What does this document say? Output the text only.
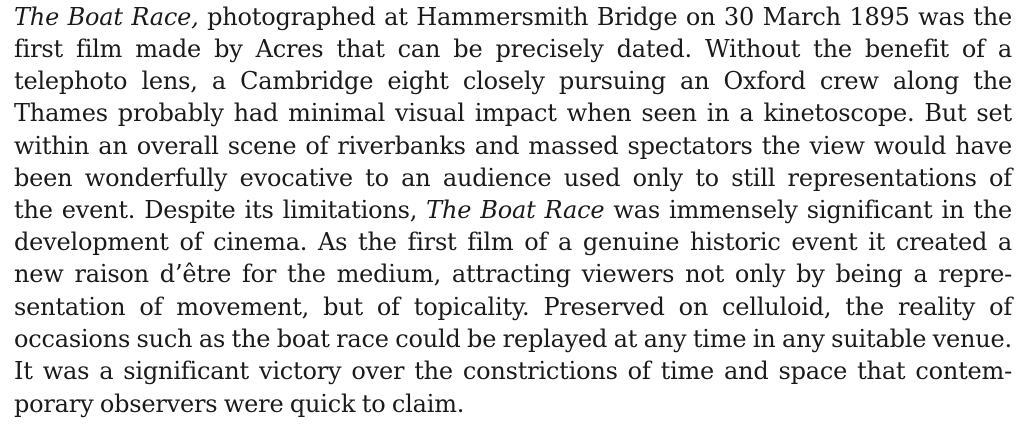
The Boat Race, photographed at Hammersmith Bridge on 30 March 1895 was the
first film made by Acres that can be precisely dated. Without the benefit of a
telephoto lens, a Cambridge eight closely pursuing an Oxford crew along the
Thames probably had minimal visual impact when seen in a kinetoscope. But set
within an overall scene of riverbanks and massed spectators the view would have
been wonderfully evocative to an audience used only to still representations of
the event. Despite its limitations, The Boat Race was immensely significant in the
development of cinema. As the first film of a genuine historic event it created a
new raison d’être for the medium, attracting viewers not only by being a repre-
sentation of movement, but of topicality. Preserved on celluloid, the reality of
occasions such as the boat race could be replayed at any time in any suitable venue.
It was a significant victory over the constrictions of time and space that contem-
porary observers were quick to claim.
